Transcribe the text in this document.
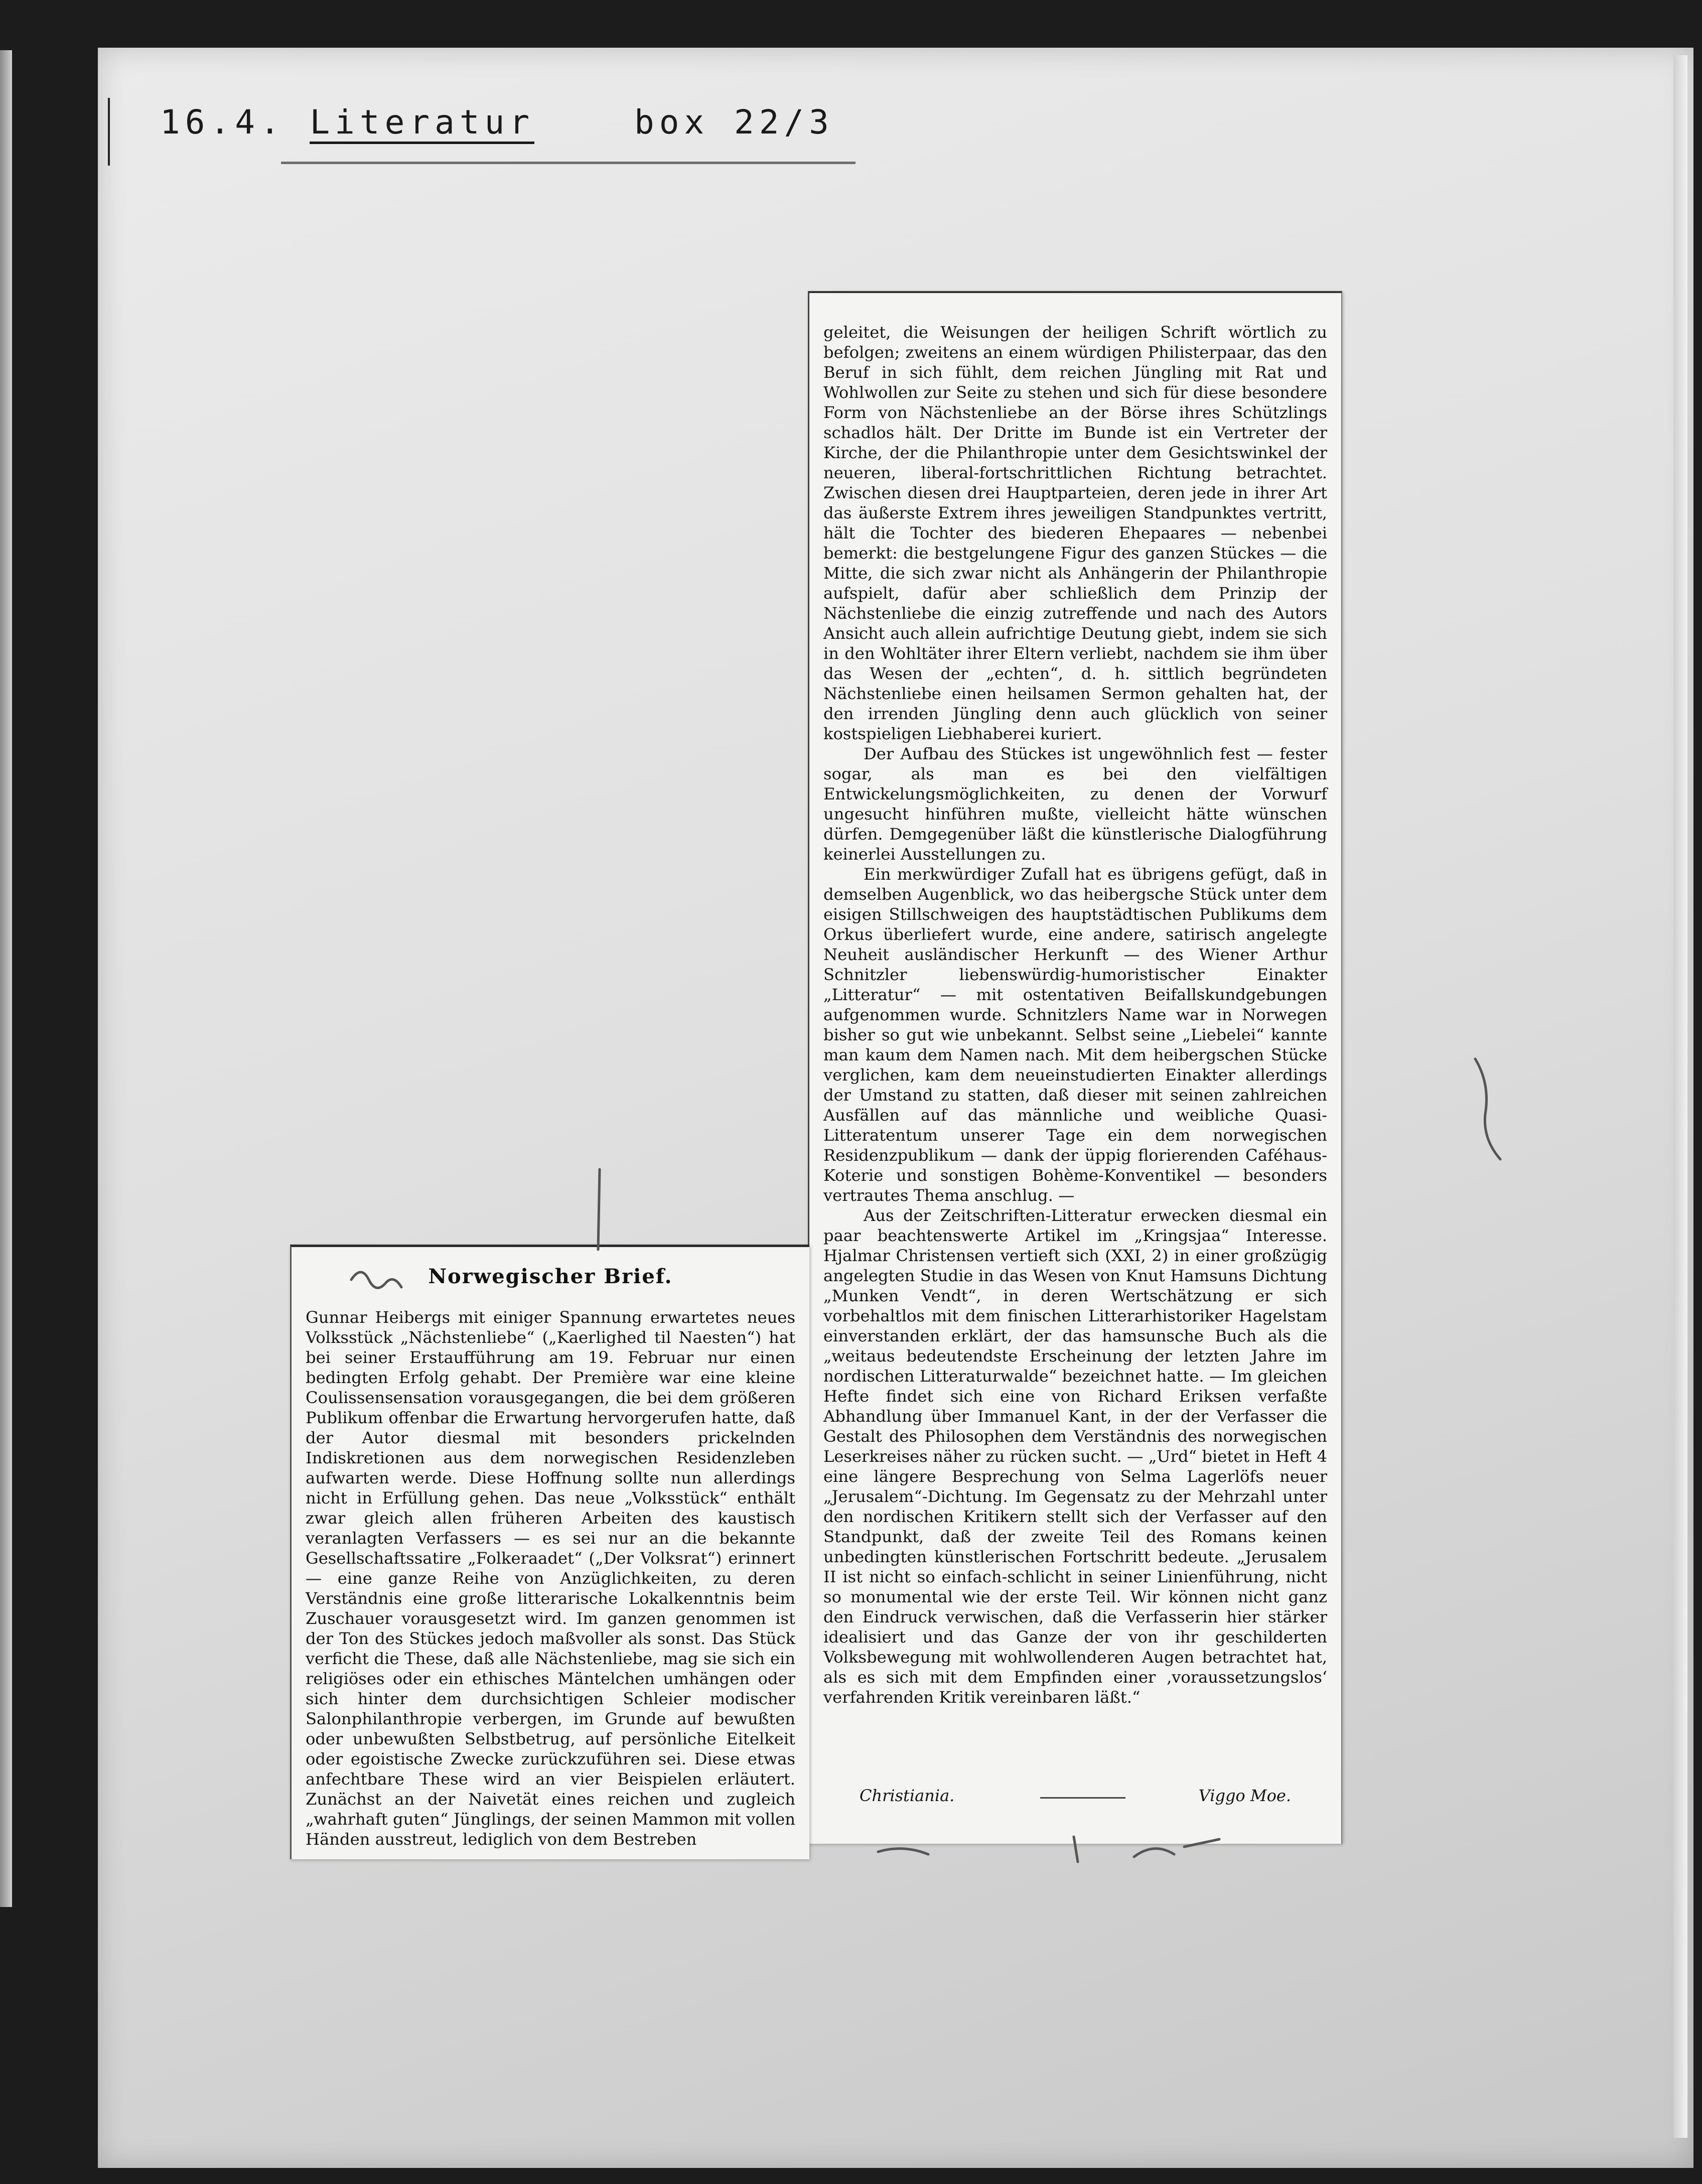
16.4. Literatur	box 22/3

geleitet, die Weisungen der heiligen Schrift wörtlich zu befolgen; zweitens an einem würdigen Philisterpaar, das den Beruf in sich fühlt, dem reichen Jüngling mit Rat und Wohlwollen zur Seite zu stehen und sich für diese besondere Form von Nächstenliebe an der Börse ihres Schützlings schadlos hält. Der Dritte im Bunde ist ein Vertreter der Kirche, der die Philanthropie unter dem Gesichtswinkel der neueren, liberal-fortschrittlichen Richtung betrachtet. Zwischen diesen drei Hauptparteien, deren jede in ihrer Art das äußerste Extrem ihres jeweiligen Standpunktes vertritt, hält die Tochter des biederen Ehepaares — nebenbei bemerkt: die bestgelungene Figur des ganzen Stückes — die Mitte, die sich zwar nicht als Anhängerin der Philanthropie aufspielt, dafür aber schließlich dem Prinzip der Nächstenliebe die einzig zutreffende und nach des Autors Ansicht auch allein aufrichtige Deutung giebt, indem sie sich in den Wohltäter ihrer Eltern verliebt, nachdem sie ihm über das Wesen der „echten“, d. h. sittlich begründeten Nächstenliebe einen heilsamen Sermon gehalten hat, der den irrenden Jüngling denn auch glücklich von seiner kostspieligen Liebhaberei kuriert.

Der Aufbau des Stückes ist ungewöhnlich fest — fester sogar, als man es bei den vielfältigen Entwickelungsmöglichkeiten, zu denen der Vorwurf ungesucht hinführen mußte, vielleicht hätte wünschen dürfen. Demgegenüber läßt die künstlerische Dialogführung keinerlei Ausstellungen zu.

Ein merkwürdiger Zufall hat es übrigens gefügt, daß in demselben Augenblick, wo das heibergsche Stück unter dem eisigen Stillschweigen des hauptstädtischen Publikums dem Orkus überliefert wurde, eine andere, satirisch angelegte Neuheit ausländischer Herkunft — des Wiener Arthur Schnitzler liebenswürdig-humoristischer Einakter „Litteratur“ — mit ostentativen Beifallskundgebungen aufgenommen wurde. Schnitzlers Name war in Norwegen bisher so gut wie unbekannt. Selbst seine „Liebelei“ kannte man kaum dem Namen nach. Mit dem heibergschen Stücke verglichen, kam dem neueinstudierten Einakter allerdings der Umstand zu statten, daß dieser mit seinen zahlreichen Ausfällen auf das männliche und weibliche Quasi-Litteratentum unserer Tage ein dem norwegischen Residenzpublikum — dank der üppig florierenden Caféhaus-Koterie und sonstigen Bohème-Konventikel — besonders vertrautes Thema anschlug. —

Aus der Zeitschriften-Litteratur erwecken diesmal ein paar beachtenswerte Artikel im „Kringsjaa“ Interesse. Hjalmar Christensen vertieft sich (XXI, 2) in einer großzügig angelegten Studie in das Wesen von Knut Hamsuns Dichtung „Munken Vendt“, in deren Wertschätzung er sich vorbehaltlos mit dem finischen Litterarhistoriker Hagelstam einverstanden erklärt, der das hamsunsche Buch als die „weitaus bedeutendste Erscheinung der letzten Jahre im nordischen Litteraturwalde“ bezeichnet hatte. — Im gleichen Hefte findet sich eine von Richard Eriksen verfaßte Abhandlung über Immanuel Kant, in der der Verfasser die Gestalt des Philosophen dem Verständnis des norwegischen Leserkreises näher zu rücken sucht. — „Urd“ bietet in Heft 4 eine längere Besprechung von Selma Lagerlöfs neuer „Jerusalem“-Dichtung. Im Gegensatz zu der Mehrzahl unter den nordischen Kritikern stellt sich der Verfasser auf den Standpunkt, daß der zweite Teil des Romans keinen unbedingten künstlerischen Fortschritt bedeute. „Jerusalem II ist nicht so einfach-schlicht in seiner Linienführung, nicht so monumental wie der erste Teil. Wir können nicht ganz den Eindruck verwischen, daß die Verfasserin hier stärker idealisiert und das Ganze der von ihr geschilderten Volksbewegung mit wohlwollenderen Augen betrachtet hat, als es sich mit dem Empfinden einer ‚voraussetzungslos‘ verfahrenden Kritik vereinbaren läßt.“

Christiania.	Viggo Moe.
Norwegischer Brief.

Gunnar Heibergs mit einiger Spannung erwartetes neues Volksstück „Nächstenliebe“ („Kaerlighed til Naesten“) hat bei seiner Erstaufführung am 19. Februar nur einen bedingten Erfolg gehabt. Der Première war eine kleine Coulissensensation vorausgegangen, die bei dem größeren Publikum offenbar die Erwartung hervorgerufen hatte, daß der Autor diesmal mit besonders prickelnden Indiskretionen aus dem norwegischen Residenzleben aufwarten werde. Diese Hoffnung sollte nun allerdings nicht in Erfüllung gehen. Das neue „Volksstück“ enthält zwar gleich allen früheren Arbeiten des kaustisch veranlagten Verfassers — es sei nur an die bekannte Gesellschaftssatire „Folkeraadet“ („Der Volksrat“) erinnert — eine ganze Reihe von Anzüglichkeiten, zu deren Verständnis eine große litterarische Lokalkenntnis beim Zuschauer vorausgesetzt wird. Im ganzen genommen ist der Ton des Stückes jedoch maßvoller als sonst. Das Stück verficht die These, daß alle Nächstenliebe, mag sie sich ein religiöses oder ein ethisches Mäntelchen umhängen oder sich hinter dem durchsichtigen Schleier modischer Salonphilanthropie verbergen, im Grunde auf bewußten oder unbewußten Selbstbetrug, auf persönliche Eitelkeit oder egoistische Zwecke zurückzuführen sei. Diese etwas anfechtbare These wird an vier Beispielen erläutert. Zunächst an der Naivetät eines reichen und zugleich „wahrhaft guten“ Jünglings, der seinen Mammon mit vollen Händen ausstreut, lediglich von dem Bestreben
